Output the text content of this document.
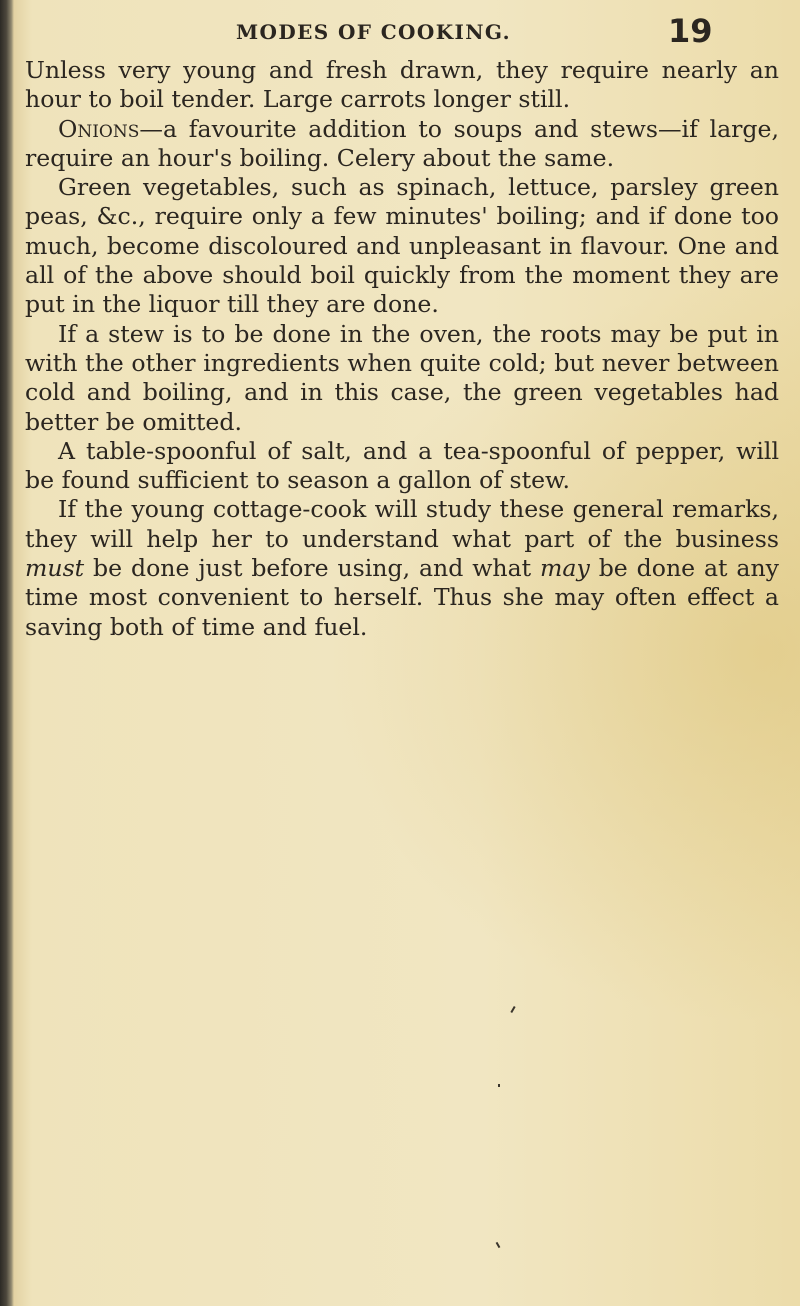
MODES OF COOKING.	19

Unless very young and fresh drawn, they require nearly an hour to boil tender. Large carrots longer still.

Onions—a favourite addition to soups and stews—if large, require an hour's boiling. Celery about the same.

Green vegetables, such as spinach, lettuce, parsley green peas, &c., require only a few minutes' boiling; and if done too much, become discoloured and unpleasant in flavour. One and all of the above should boil quickly from the moment they are put in the liquor till they are done.

If a stew is to be done in the oven, the roots may be put in with the other ingredients when quite cold; but never between cold and boiling, and in this case, the green vegetables had better be omitted.

A table-spoonful of salt, and a tea-spoonful of pepper, will be found sufficient to season a gallon of stew.

If the young cottage-cook will study these general remarks, they will help her to understand what part of the business must be done just before using, and what may be done at any time most convenient to herself. Thus she may often effect a saving both of time and fuel.
